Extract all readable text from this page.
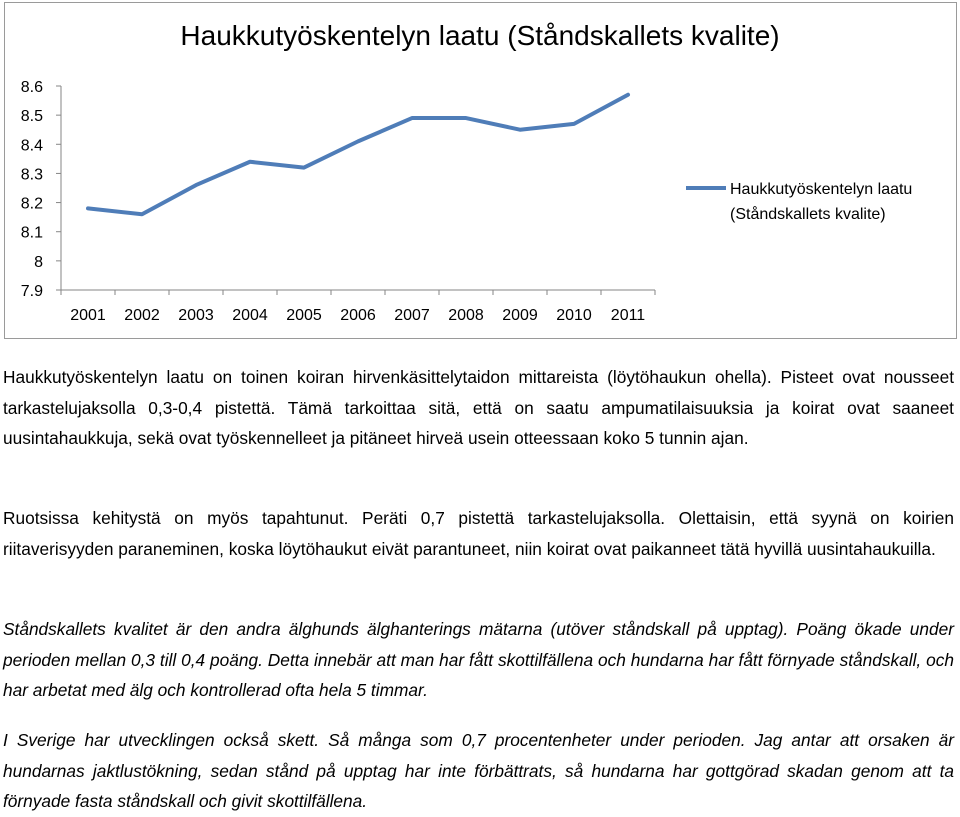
Haukkutyöskentelyn laatu (Ståndskallets kvalite)
7.9
8
8.1
8.2
8.3
8.4
8.5
8.6
2001 2002 2003 2004 2005 2006 2007 2008 2009 2010 2011
Haukkutyöskentelyn laatu
(Ståndskallets kvalite)

Haukkutyöskentelyn laatu on toinen koiran hirvenkäsittelytaidon mittareista (löytöhaukun ohella). Pisteet ovat nousseet tarkastelujaksolla 0,3-0,4 pistettä. Tämä tarkoittaa sitä, että on saatu ampumatilaisuuksia ja koirat ovat saaneet uusintahaukkuja, sekä ovat työskennelleet ja pitäneet hirveä usein otteessaan koko 5 tunnin ajan.

Ruotsissa kehitystä on myös tapahtunut. Peräti 0,7 pistettä tarkastelujaksolla. Olettaisin, että syynä on koirien riitaverisyyden paraneminen, koska löytöhaukut eivät parantuneet, niin koirat ovat paikanneet tätä hyvillä uusintahaukuilla.

Ståndskallets kvalitet är den andra älghunds älghanterings mätarna (utöver ståndskall på upptag). Poäng ökade under perioden mellan 0,3 till 0,4 poäng. Detta innebär att man har fått skottilfällena och hundarna har fått förnyade ståndskall, och har arbetat med älg och kontrollerad ofta hela 5 timmar.

I Sverige har utvecklingen också skett. Så många som 0,7 procentenheter under perioden. Jag antar att orsaken är hundarnas jaktlustökning, sedan stånd på upptag har inte förbättrats, så hundarna har gottgörad skadan genom att ta förnyade fasta ståndskall och givit skottilfällena.
